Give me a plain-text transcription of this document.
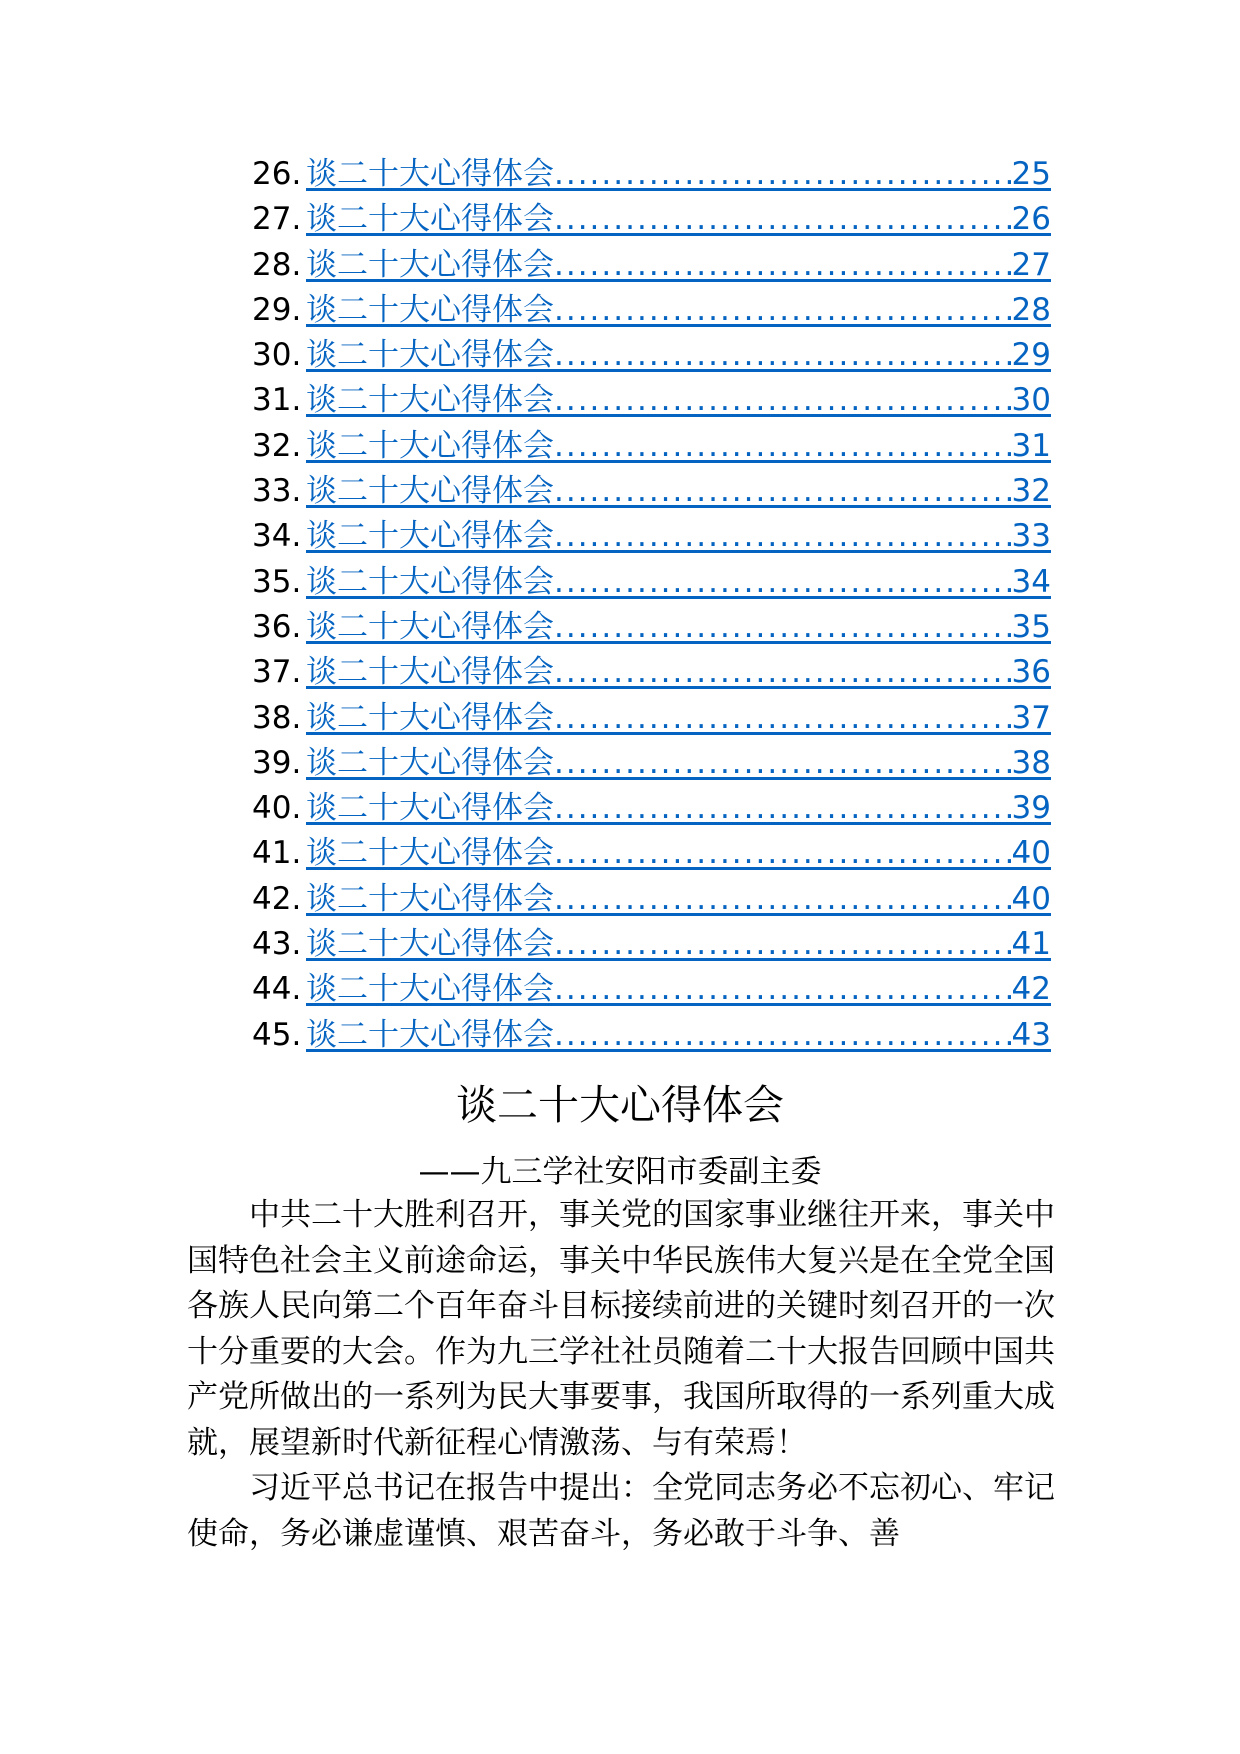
26. 谈二十大心得体会 .....	25
27. 谈二十大心得体会 .....	26
28. 谈二十大心得体会 .....	27
29. 谈二十大心得体会 .....	28
30. 谈二十大心得体会 .....	29
31. 谈二十大心得体会 .....	30
32. 谈二十大心得体会 .....	31
33. 谈二十大心得体会 .....	32
34. 谈二十大心得体会 .....	33
35. 谈二十大心得体会 .....	34
36. 谈二十大心得体会 .....	35
37. 谈二十大心得体会 .....	36
38. 谈二十大心得体会 .....	37
39. 谈二十大心得体会 .....	38
40. 谈二十大心得体会 .....	39
41. 谈二十大心得体会 .....	40
42. 谈二十大心得体会 .....	40
43. 谈二十大心得体会 .....	41
44. 谈二十大心得体会 .....	42
45. 谈二十大心得体会 .....	43
谈二十大心得体会
——九三学社安阳市委副主委

中共二十大胜利召开，事关党的国家事业继往开来，事关中国特色社会主义前途命运，事关中华民族伟大复兴是在全党全国各族人民向第二个百年奋斗目标接续前进的关键时刻召开的一次十分重要的大会。作为九三学社社员随着二十大报告回顾中国共产党所做出的一系列为民大事要事，我国所取得的一系列重大成就，展望新时代新征程心情激荡、与有荣焉！

习近平总书记在报告中提出：全党同志务必不忘初心、牢记使命，务必谦虚谨慎、艰苦奋斗，务必敢于斗争、善
